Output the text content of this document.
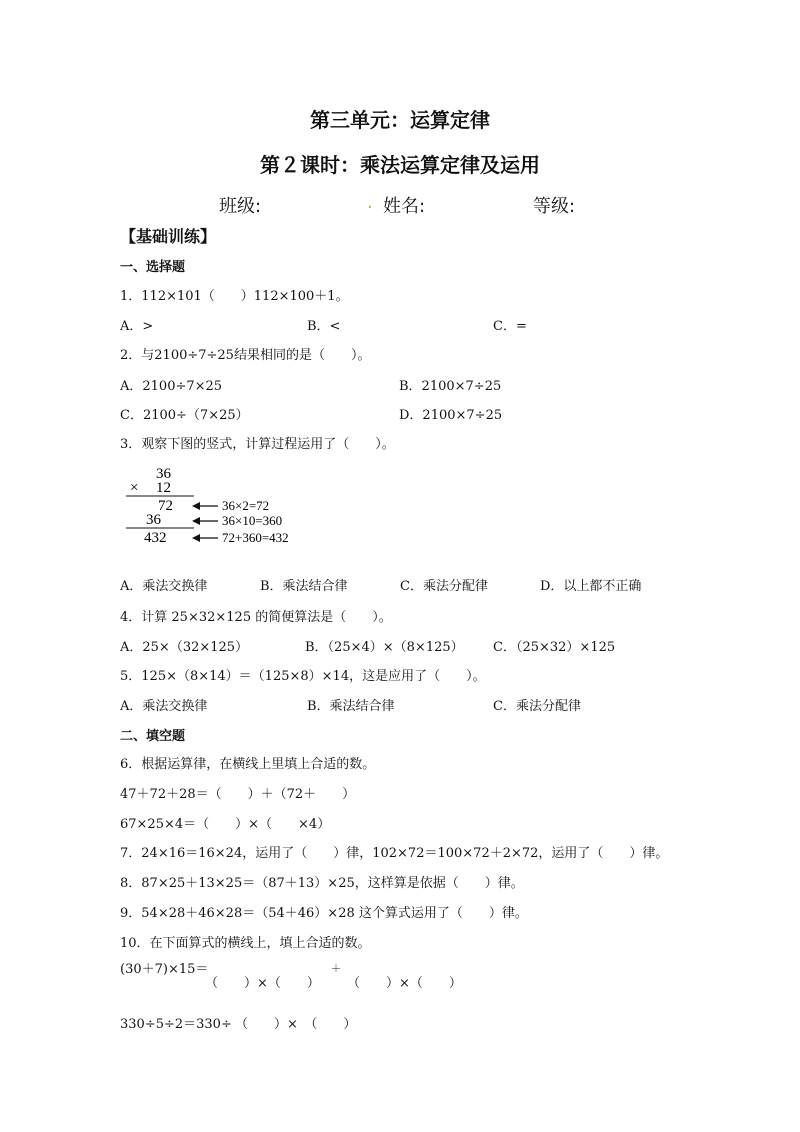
第三单元：运算定律
第２课时：乘法运算定律及运用
班级:	. 姓名:	等级:
【基础训练】
一、选择题
1．112×101（　　）112×100＋1。
A．>	B．<	C．=
2．与2100÷7÷25结果相同的是（　　）。
A．2100÷7×25	B．2100×7÷25
C．2100÷（7×25）	D．2100×7÷25
3．观察下图的竖式，计算过程运用了（　　）。
36
× 12
72
36
432
36×2=72
36×10=360
72+360=432
A．乘法交换律	B．乘法结合律	C．乘法分配律	D．以上都不正确
4．计算 25×32×125 的简便算法是（　　）。
A．25×（32×125）	B．（25×4）×（8×125） C．（25×32）×125
5．125×（8×14）＝（125×8）×14，这是应用了（　　）。
A．乘法交换律	B．乘法结合律	C．乘法分配律
二、填空题
6．根据运算律，在横线上里填上合适的数。
47＋72＋28＝（　　）＋（72＋　　）
67×25×4＝（　　）×（　　×4）
7．24×16＝16×24，运用了（　　）律，102×72＝100×72＋2×72，运用了（　　）律。
8．87×25＋13×25＝（87＋13）×25，这样算是依据（　　）律。
9．54×28＋46×28＝（54＋46）×28 这个算式运用了（　　）律。
10．在下面算式的横线上，填上合适的数。
(30＋7)×15＝
（　　）×（　　）
＋
（　　）×（　　）
330÷5÷2＝330÷ （　　）×　（　　）
